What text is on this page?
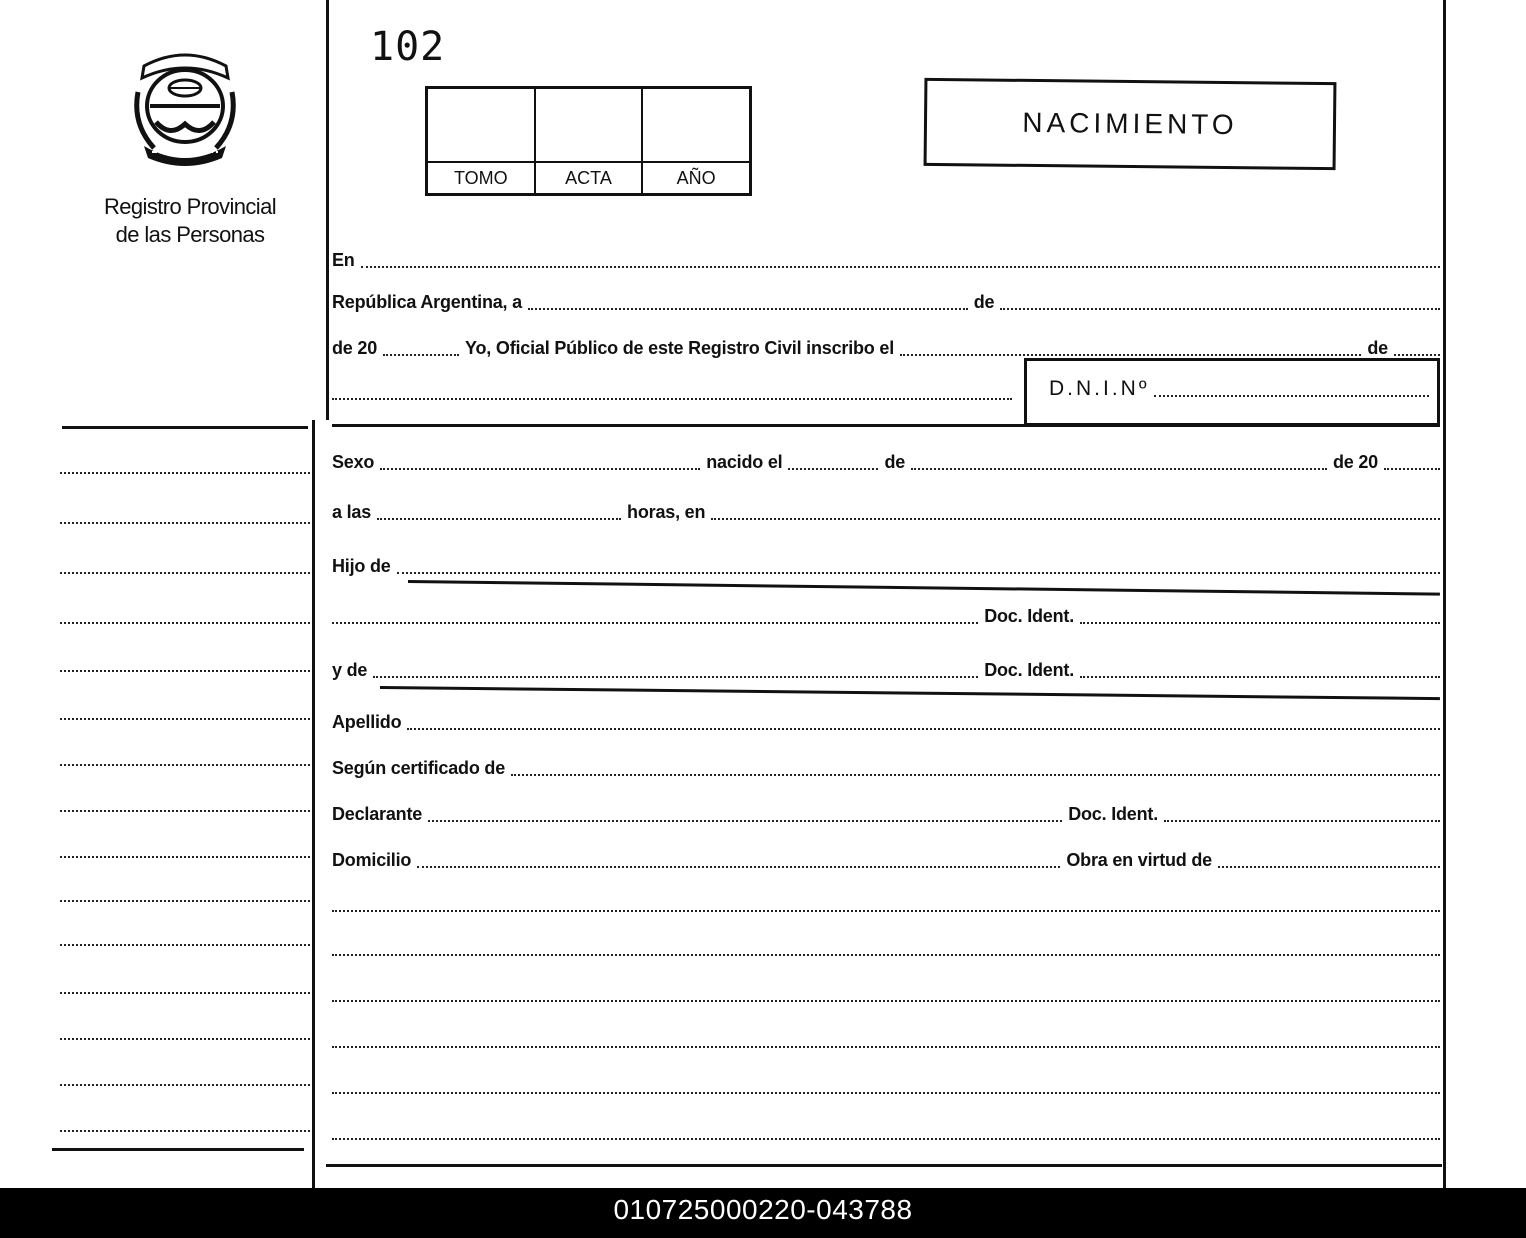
Registro Provincial
de las Personas
102
TOMO	ACTA	AÑO
NACIMIENTO
En
República Argentina, a	de
de 20	Yo, Oficial Público de este Registro Civil inscribo el	de
D.N.I.Nº
Sexo	nacido el	de	de 20
a las	horas, en
Hijo de
Doc. Ident.
y de	Doc. Ident.
Apellido
Según certificado de
Declarante	Doc. Ident.
Domicilio	Obra en virtud de
010725000220-043788
